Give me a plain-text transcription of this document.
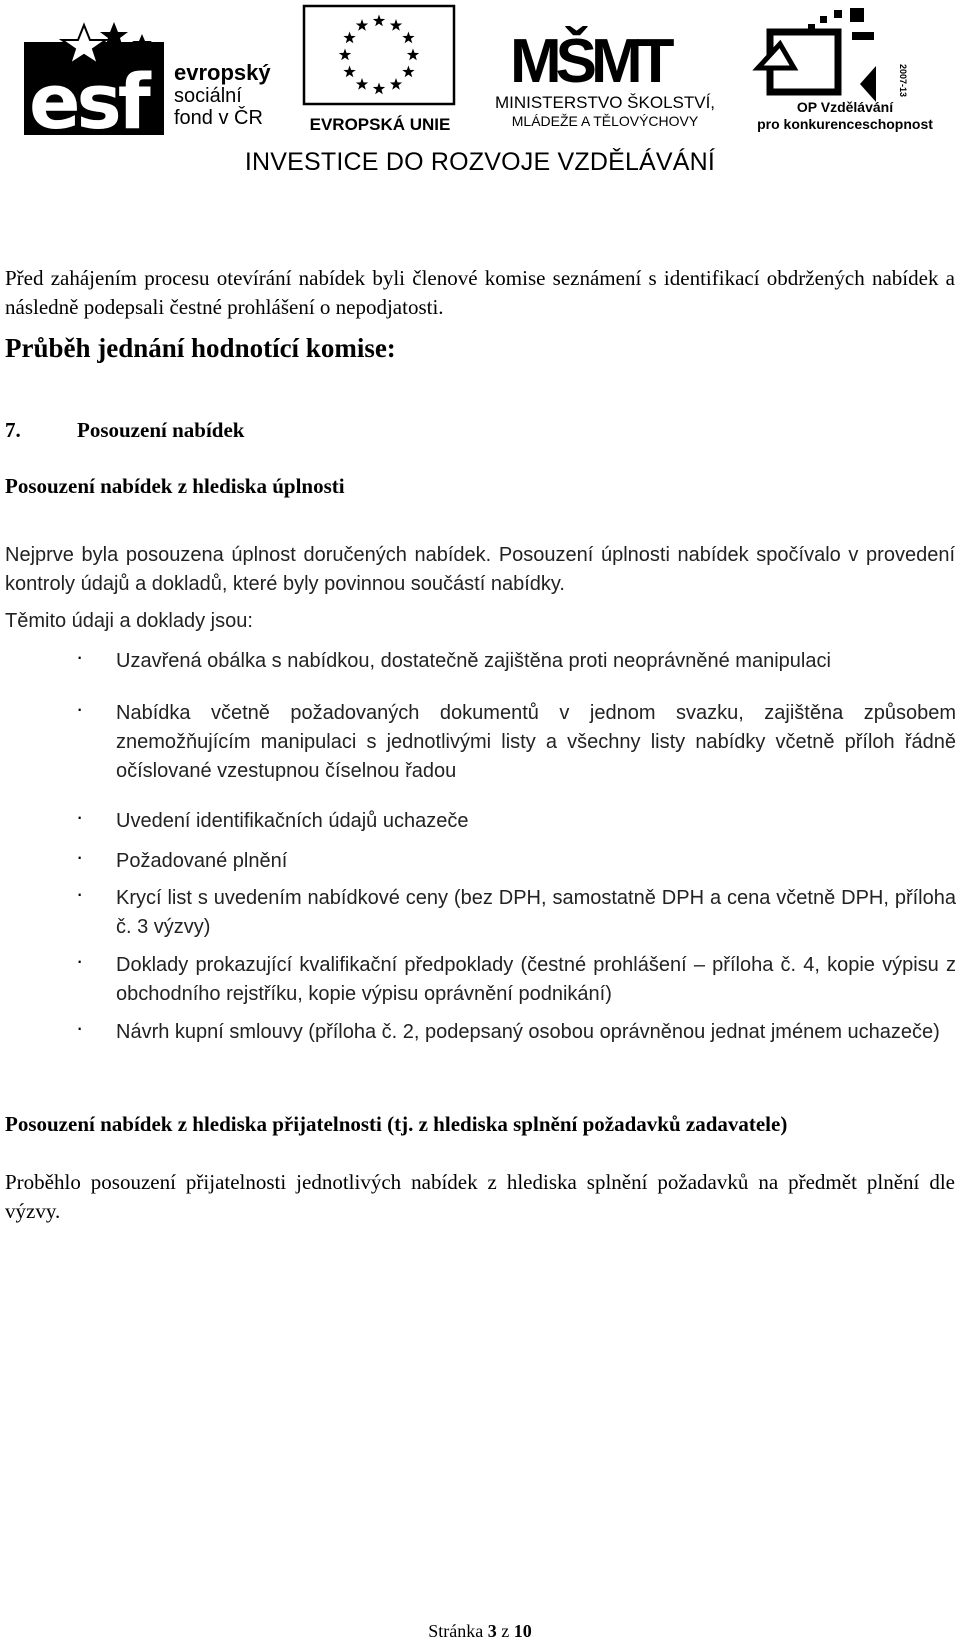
esf evropský
sociální
fond v ČR	EVROPSKÁ UNIE
MŠMT
MINISTERSTVO ŠKOLSTVÍ,
MLÁDEŽE A TĚLOVÝCHOVY
2007-13
OP Vzdělávání
pro konkurenceschopnost
INVESTICE DO ROZVOJE VZDĚLÁVÁNÍ
Před zahájením procesu otevírání nabídek byli členové komise seznámení s identifikací obdržených nabídek a následně podepsali čestné prohlášení o nepodjatosti.
Průběh jednání hodnotící komise:
7.	Posouzení nabídek
Posouzení nabídek z hlediska úplnosti
Nejprve byla posouzena úplnost doručených nabídek. Posouzení úplnosti nabídek spočívalo v provedení kontroly údajů a dokladů, které byly povinnou součástí nabídky.
Těmito údaji a doklady jsou:
· Uzavřená obálka s nabídkou, dostatečně zajištěna proti neoprávněné manipulaci
· Nabídka včetně požadovaných dokumentů v jednom svazku, zajištěna způsobem znemožňujícím manipulaci s jednotlivými listy a všechny listy nabídky včetně příloh řádně očíslované vzestupnou číselnou řadou
· Uvedení identifikačních údajů uchazeče
· Požadované plnění
· Krycí list s uvedením nabídkové ceny (bez DPH, samostatně DPH a cena včetně DPH, příloha č. 3 výzvy)
· Doklady prokazující kvalifikační předpoklady (čestné prohlášení – příloha č. 4, kopie výpisu z obchodního rejstříku, kopie výpisu oprávnění podnikání)
· Návrh kupní smlouvy (příloha č. 2, podepsaný osobou oprávněnou jednat jménem uchazeče)
Posouzení nabídek z hlediska přijatelnosti (tj. z hlediska splnění požadavků zadavatele)
Proběhlo posouzení přijatelnosti jednotlivých nabídek z hlediska splnění požadavků na předmět plnění dle výzvy.
Stránka 3 z 10
